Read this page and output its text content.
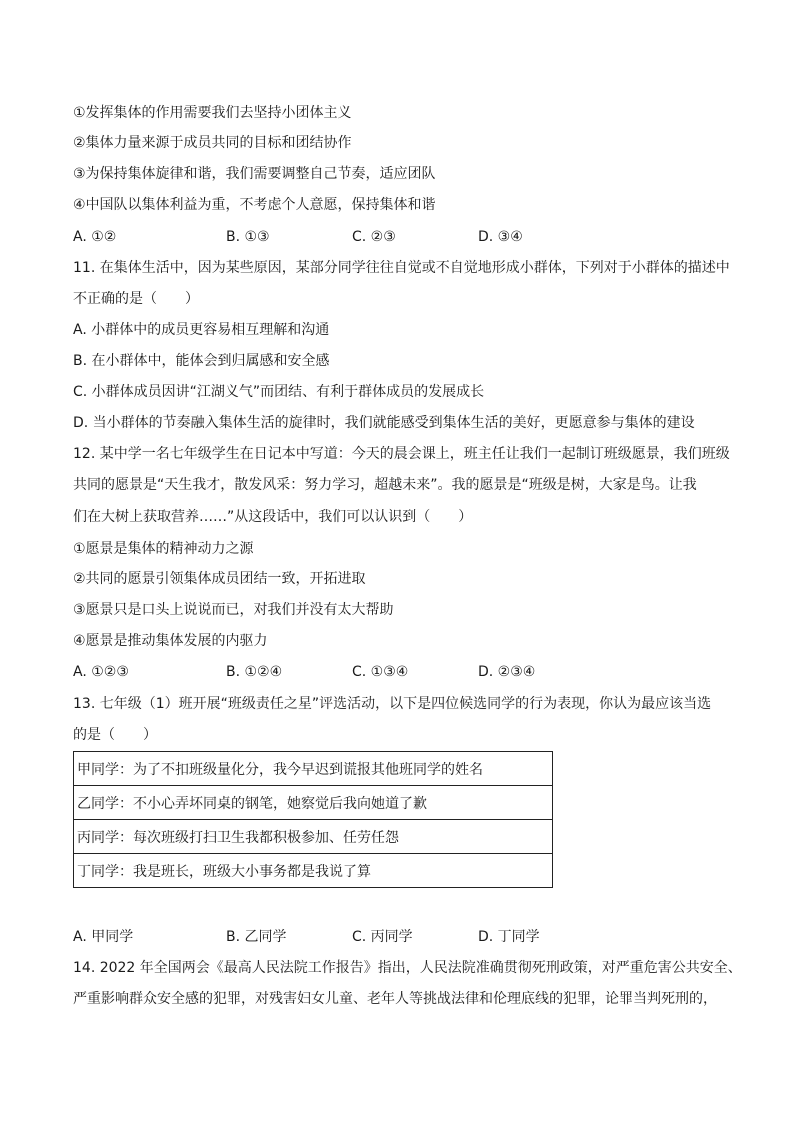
①发挥集体的作用需要我们去坚持小团体主义
②集体力量来源于成员共同的目标和团结协作
③为保持集体旋律和谐，我们需要调整自己节奏，适应团队
④中国队以集体利益为重，不考虑个人意愿，保持集体和谐
A. ①②	B. ①③	C. ②③	D. ③④
11. 在集体生活中，因为某些原因，某部分同学往往自觉或不自觉地形成小群体，下列对于小群体的描述中
不正确的是（　　）
A. 小群体中的成员更容易相互理解和沟通
B. 在小群体中，能体会到归属感和安全感
C. 小群体成员因讲“江湖义气”而团结、有利于群体成员的发展成长
D. 当小群体的节奏融入集体生活的旋律时，我们就能感受到集体生活的美好，更愿意参与集体的建设
12. 某中学一名七年级学生在日记本中写道：今天的晨会课上，班主任让我们一起制订班级愿景，我们班级
共同的愿景是“天生我才，散发风采：努力学习，超越未来”。我的愿景是“班级是树，大家是鸟。让我
们在大树上获取营养……”从这段话中，我们可以认识到（　　）
①愿景是集体的精神动力之源
②共同的愿景引领集体成员团结一致，开拓进取
③愿景只是口头上说说而已，对我们并没有太大帮助
④愿景是推动集体发展的内驱力
A. ①②③	B. ①②④	C. ①③④	D. ②③④
13. 七年级（1）班开展“班级责任之星”评选活动，以下是四位候选同学的行为表现，你认为最应该当选
的是（　　）
甲同学：为了不扣班级量化分，我今早迟到谎报其他班同学的姓名
乙同学：不小心弄坏同桌的钢笔，她察觉后我向她道了歉
丙同学：每次班级打扫卫生我都积极参加、任劳任怨
丁同学：我是班长，班级大小事务都是我说了算
A. 甲同学	B. 乙同学	C. 丙同学	D. 丁同学
14. 2022 年全国两会《最高人民法院工作报告》指出，人民法院准确贯彻死刑政策，对严重危害公共安全、
严重影响群众安全感的犯罪，对残害妇女儿童、老年人等挑战法律和伦理底线的犯罪，论罪当判死刑的，
